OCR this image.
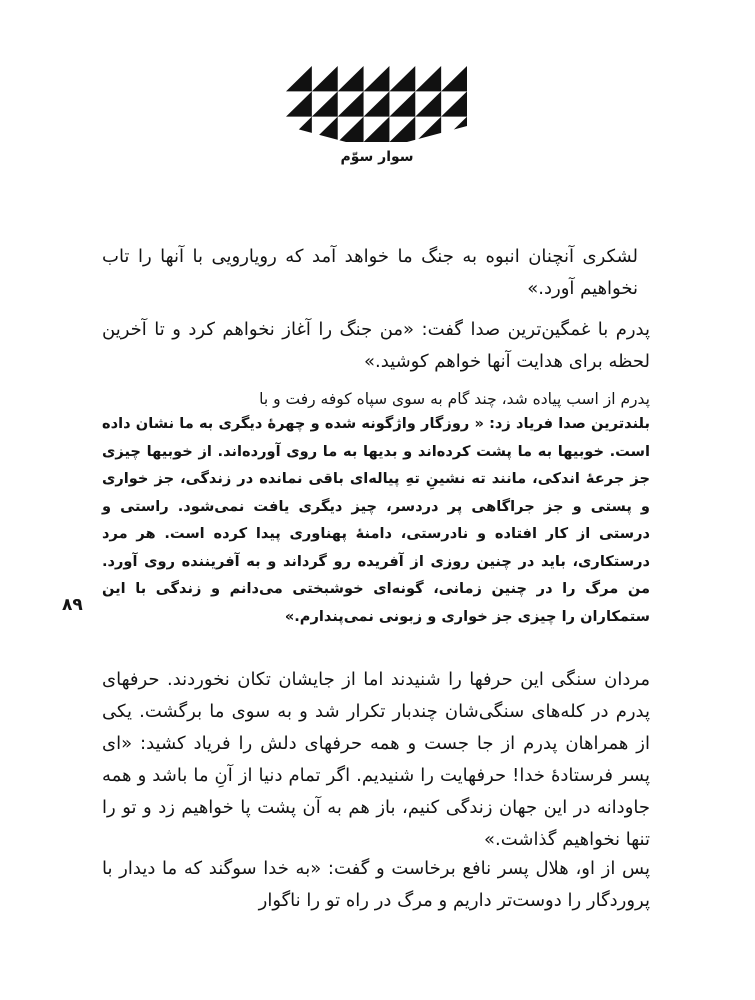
سوار سوّم

لشکری آنچنان انبوه به جنگ ما خواهد آمد که رویارویی با آنها را تاب نخواهیم آورد.»

پدرم با غمگین‌ترین صدا گفت: «من جنگ را آغاز نخواهم کرد و تا آخرین لحظه برای هدایت آنها خواهم کوشید.»

پدرم از اسب پیاده شد، چند گام به سوی سپاه کوفه رفت و با

بلندترین صدا فریاد زد: « روزگار واژگونه شده و چهرهٔ دیگری به ما نشان داده است. خوبیها به ما پشت کرده‌اند و بدیها به ما روی آورده‌اند. از خوبیها چیزی جز جرعهٔ اندکی، مانند ته نشینِ تهِ پیاله‌ای باقی نمانده در زندگی، جز خواری و پستی و جز جراگاهی پر دردسر، چیز دیگری یافت نمی‌شود. راستی و درستی از کار افتاده و نادرستی، دامنهٔ پهناوری پیدا کرده است. هر مرد درستکاری، باید در چنین روزی از آفریده رو گرداند و به آفریننده روی آورد. من مرگ را در چنین زمانی، گونه‌ای خوشبختی می‌دانم و زندگی با این ستمکاران را چیزی جز خواری و زبونی نمی‌پندارم.»

مردان سنگی این حرفها را شنیدند اما از جایشان تکان نخوردند. حرفهای پدرم در کله‌های سنگی‌شان چندبار تکرار شد و به سوی ما برگشت. یکی از همراهان پدرم از جا جست و همه حرفهای دلش را فریاد کشید: «ای پسر فرستادهٔ خدا! حرفهایت را شنیدیم. اگر تمام دنیا از آنِ ما باشد و همه جاودانه در این جهان زندگی کنیم، باز هم به آن پشت پا خواهیم زد و تو را تنها نخواهیم گذاشت.»

پس از او، هلال پسر نافع برخاست و گفت: «به خدا سوگند که ما دیدار با پروردگار را دوست‌تر داریم و مرگ در راه تو را ناگوار

۸۹
